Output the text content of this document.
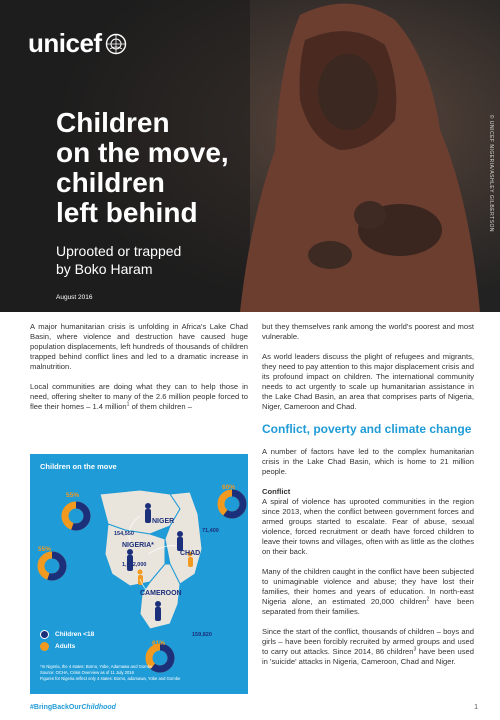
unicef
Children
on the move,
children
left behind
Uprooted or trapped
by Boko Haram
August 2016
© UNICEF NIGERIA/ASHLEY GILBERTSON

A major humanitarian crisis is unfolding in Africa's Lake Chad Basin, where violence and destruction have caused huge population displacements, left hundreds of thousands of children trapped behind conflict lines and led to a dramatic increase in malnutrition.

Local communities are doing what they can to help those in need, offering shelter to many of the 2.6 million people forced to flee their homes – 1.4 million$^1$ of them children –

Children on the move
NIGER
55%
154,550
CHAD
60%
71,400
NIGERIA*
55%
1,072,000
CAMEROON
61%
159,820
Children <18
Adults
*In Nigeria, the 4 states: Borno, Yobe, Adamawa and Gombe
Source: OCHA, Crisis Overview as of 11 July 2016
Figures for Nigeria reflect only 4 states: Borno, adamawa, Yobe and Gombe

but they themselves rank among the world's poorest and most vulnerable.

As world leaders discuss the plight of refugees and migrants, they need to pay attention to this major displacement crisis and its profound impact on children. The international community needs to act urgently to scale up humanitarian assistance in the Lake Chad Basin, an area that comprises parts of Nigeria, Niger, Cameroon and Chad.

Conflict, poverty and climate change

A number of factors have led to the complex humanitarian crisis in the Lake Chad Basin, which is home to 21 million people.

Conflict

A spiral of violence has uprooted communities in the region since 2013, when the conflict between government forces and armed groups started to escalate. Fear of abuse, sexual violence, forced recruitment or death have forced children to leave their towns and villages, often with as little as the clothes on their back.

Many of the children caught in the conflict have been subjected to unimaginable violence and abuse; they have lost their families, their homes and years of education. In north-east Nigeria alone, an estimated 20,000 children$^2$ have been separated from their families.

Since the start of the conflict, thousands of children – boys and girls – have been forcibly recruited by armed groups and used to carry out attacks. Since 2014, 86 children$^3$ have been used in 'suicide' attacks in Nigeria, Cameroon, Chad and Niger.

#BringBackOurChildhood	1
